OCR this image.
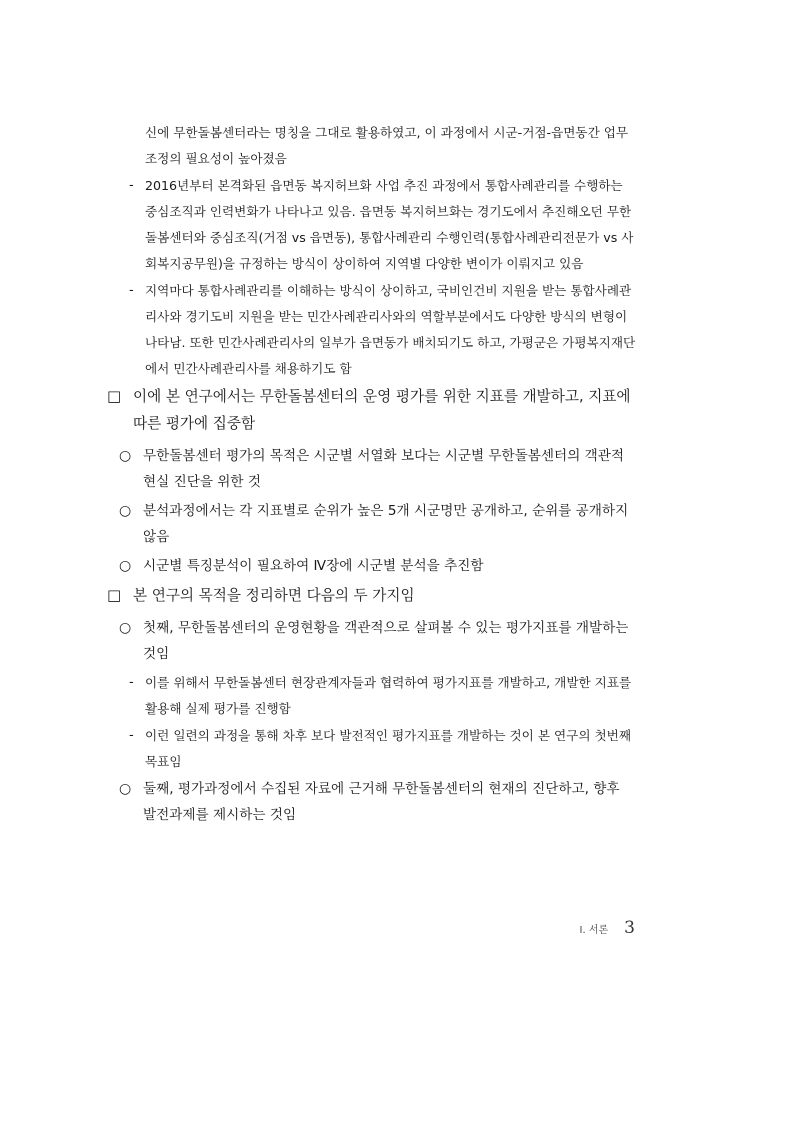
신에 무한돌봄센터라는 명칭을 그대로 활용하였고, 이 과정에서 시군-거점-읍면동간 업무조정의 필요성이 높아졌음
- 2016년부터 본격화된 읍면동 복지허브화 사업 추진 과정에서 통합사례관리를 수행하는 중심조직과 인력변화가 나타나고 있음. 읍면동 복지허브화는 경기도에서 추진해오던 무한돌봄센터와 중심조직(거점 vs 읍면동), 통합사례관리 수행인력(통합사례관리전문가 vs 사회복지공무원)을 규정하는 방식이 상이하여 지역별 다양한 변이가 이뤄지고 있음
- 지역마다 통합사례관리를 이해하는 방식이 상이하고, 국비인건비 지원을 받는 통합사례관리사와 경기도비 지원을 받는 민간사례관리사와의 역할부분에서도 다양한 방식의 변형이 나타남. 또한 민간사례관리사의 일부가 읍면동가 배치되기도 하고, 가평군은 가평복지재단에서 민간사례관리사를 채용하기도 함
□ 이에 본 연구에서는 무한돌봄센터의 운영 평가를 위한 지표를 개발하고, 지표에 따른 평가에 집중함
○ 무한돌봄센터 평가의 목적은 시군별 서열화 보다는 시군별 무한돌봄센터의 객관적 현실 진단을 위한 것
○ 분석과정에서는 각 지표별로 순위가 높은 5개 시군명만 공개하고, 순위를 공개하지 않음
○ 시군별 특징분석이 필요하여 Ⅳ장에 시군별 분석을 추진함
□ 본 연구의 목적을 정리하면 다음의 두 가지임
○ 첫째, 무한돌봄센터의 운영현황을 객관적으로 살펴볼 수 있는 평가지표를 개발하는 것임
- 이를 위해서 무한돌봄센터 현장관계자들과 협력하여 평가지표를 개발하고, 개발한 지표를 활용해 실제 평가를 진행함
- 이런 일련의 과정을 통해 차후 보다 발전적인 평가지표를 개발하는 것이 본 연구의 첫번째 목표임
○ 둘째, 평가과정에서 수집된 자료에 근거해 무한돌봄센터의 현재의 진단하고, 향후 발전과제를 제시하는 것임
Ⅰ. 서론 3
